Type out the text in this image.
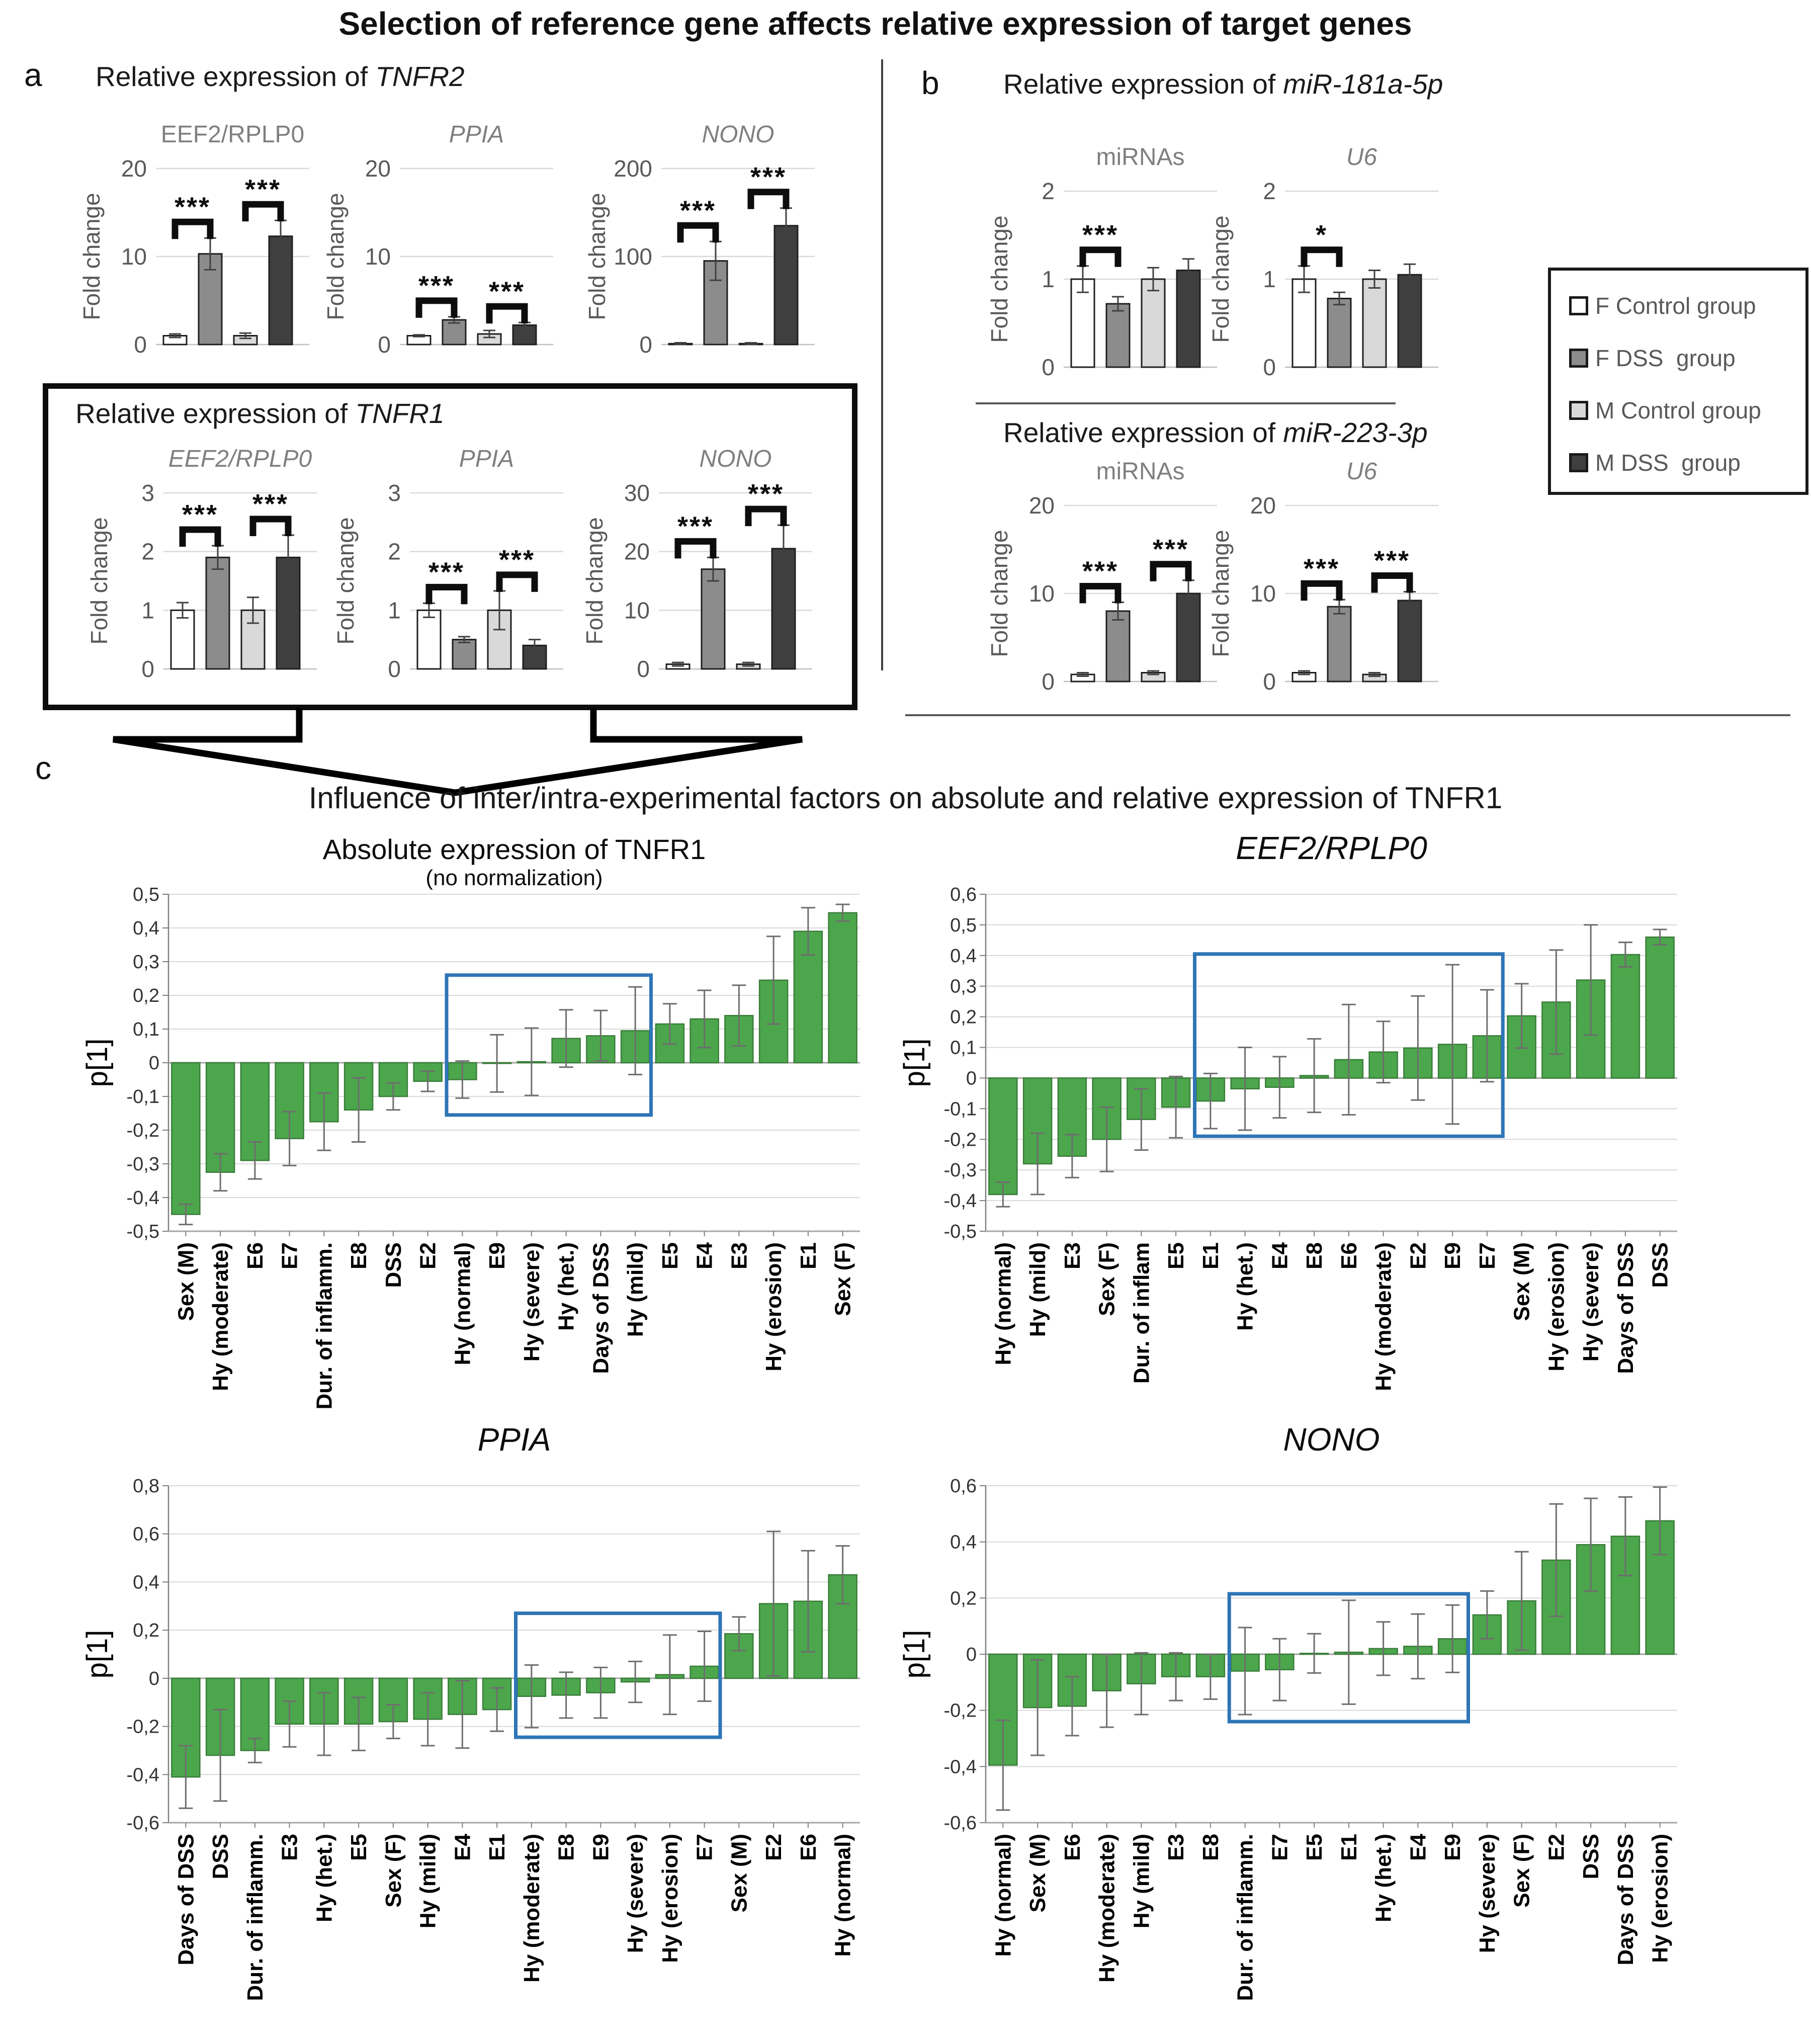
Selection of reference gene affects relative expression of target genes
a Relative expression of TNFR2
EEF2/RPLP0
Fold change
0
10
20
***
***
PPIA
Fold change
0
10
20
*** ***
NONO
Fold change
0
100
200
***
***
Relative expression of TNFR1
EEF2/RPLP0
Fold change
0
1
2
3
*** ***
PPIA
Fold change
0
1
2
3
*** ***
NONO
Fold change
0
10
20
30
***
***
b Relative expression of miR-181a-5p
miRNAs
Fold change
0
1
2
***
U6
Fold change
0
1
2
*
Relative expression of miR-223-3p
miRNAs
Fold change
0
10
20
***
***
U6
Fold change
0
10
20
*** ***
F Control group
F DSS  group
M Control group
M DSS  group
c
Influence of inter/intra-experimental factors on absolute and relative expression of TNFR1
Absolute expression of TNFR1
(no normalization)
p[1]
0,5
0,4
0,3
0,2
0,1
0
-0,1
-0,2
-0,3
-0,4
-0,5
Sex (M) Hy (moderate) E6 E7 Dur. of inflamm. E8 DSS E2 Hy (normal) E9 Hy (severe) Hy (het.) Days of DSS Hy (mild) E5 E4 E3 Hy (erosion) E1 Sex (F)
EEF2/RPLP0
p[1]
0,6
0,5
0,4
0,3
0,2
0,1
0
-0,1
-0,2
-0,3
-0,4
-0,5
Hy (normal) Hy (mild) E3 Sex (F) Dur. of inflam E5 E1 Hy (het.) E4 E8 E6 Hy (moderate) E2 E9 E7 Sex (M) Hy (erosion) Hy (severe) Days of DSS DSS
PPIA
p[1]
0,8
0,6
0,4
0,2
0
-0,2
-0,4
-0,6
Days of DSS DSS Dur. of inflamm. E3 Hy (het.) E5 Sex (F) Hy (mild) E4 E1 Hy (moderate) E8 E9 Hy (severe) Hy (erosion) E7 Sex (M) E2 E6 Hy (normal)
NONO
p[1]
0,6
0,4
0,2
0
-0,2
-0,4
-0,6
Hy (normal) Sex (M) E6 Hy (moderate) Hy (mild) E3 E8 Dur. of inflamm. E7 E5 E1 Hy (het.) E4 E9 Hy (severe) Sex (F) E2 DSS Days of DSS Hy (erosion)
